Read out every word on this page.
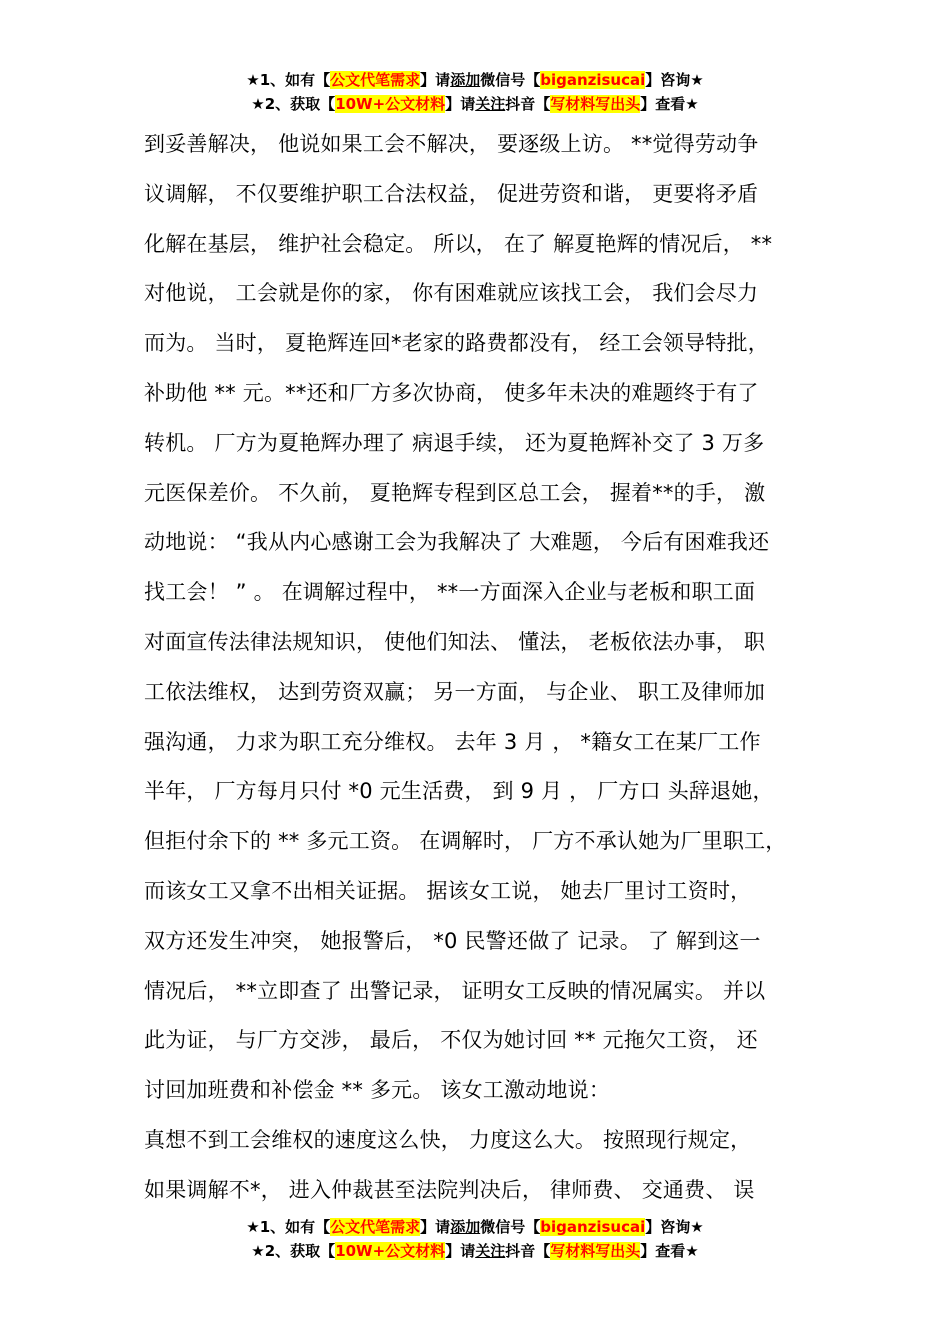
★1、如有【公文代笔需求】请添加微信号【biganzisucai】咨询★
★2、获取【10W+公文材料】请关注抖音【写材料写出头】查看★
到妥善解决， 他说如果工会不解决， 要逐级上访。 **觉得劳动争
议调解， 不仅要维护职工合法权益， 促进劳资和谐， 更要将矛盾
化解在基层， 维护社会稳定。 所以， 在了 解夏艳辉的情况后， **
对他说， 工会就是你的家， 你有困难就应该找工会， 我们会尽力
而为。 当时， 夏艳辉连回*老家的路费都没有， 经工会领导特批，
补助他 ** 元。**还和厂方多次协商， 使多年未决的难题终于有了
转机。 厂方为夏艳辉办理了 病退手续， 还为夏艳辉补交了 3 万多
元医保差价。 不久前， 夏艳辉专程到区总工会， 握着**的手， 激
动地说： “我从内心感谢工会为我解决了 大难题， 今后有困难我还
找工会！ ” 。 在调解过程中， **一方面深入企业与老板和职工面
对面宣传法律法规知识， 使他们知法、 懂法， 老板依法办事， 职
工依法维权， 达到劳资双赢； 另一方面， 与企业、 职工及律师加
强沟通， 力求为职工充分维权。 去年 3 月 ， *籍女工在某厂工作
半年， 厂方每月只付 *0 元生活费， 到 9 月 ， 厂方口 头辞退她，
但拒付余下的 ** 多元工资。 在调解时， 厂方不承认她为厂里职工，
而该女工又拿不出相关证据。 据该女工说， 她去厂里讨工资时，
双方还发生冲突， 她报警后， *0 民警还做了 记录。 了 解到这一
情况后， **立即查了 出警记录， 证明女工反映的情况属实。 并以
此为证， 与厂方交涉， 最后， 不仅为她讨回 ** 元拖欠工资， 还
讨回加班费和补偿金 ** 多元。 该女工激动地说：
真想不到工会维权的速度这么快， 力度这么大。 按照现行规定，
如果调解不*， 进入仲裁甚至法院判决后， 律师费、 交通费、 误
★1、如有【公文代笔需求】请添加微信号【biganzisucai】咨询★
★2、获取【10W+公文材料】请关注抖音【写材料写出头】查看★
